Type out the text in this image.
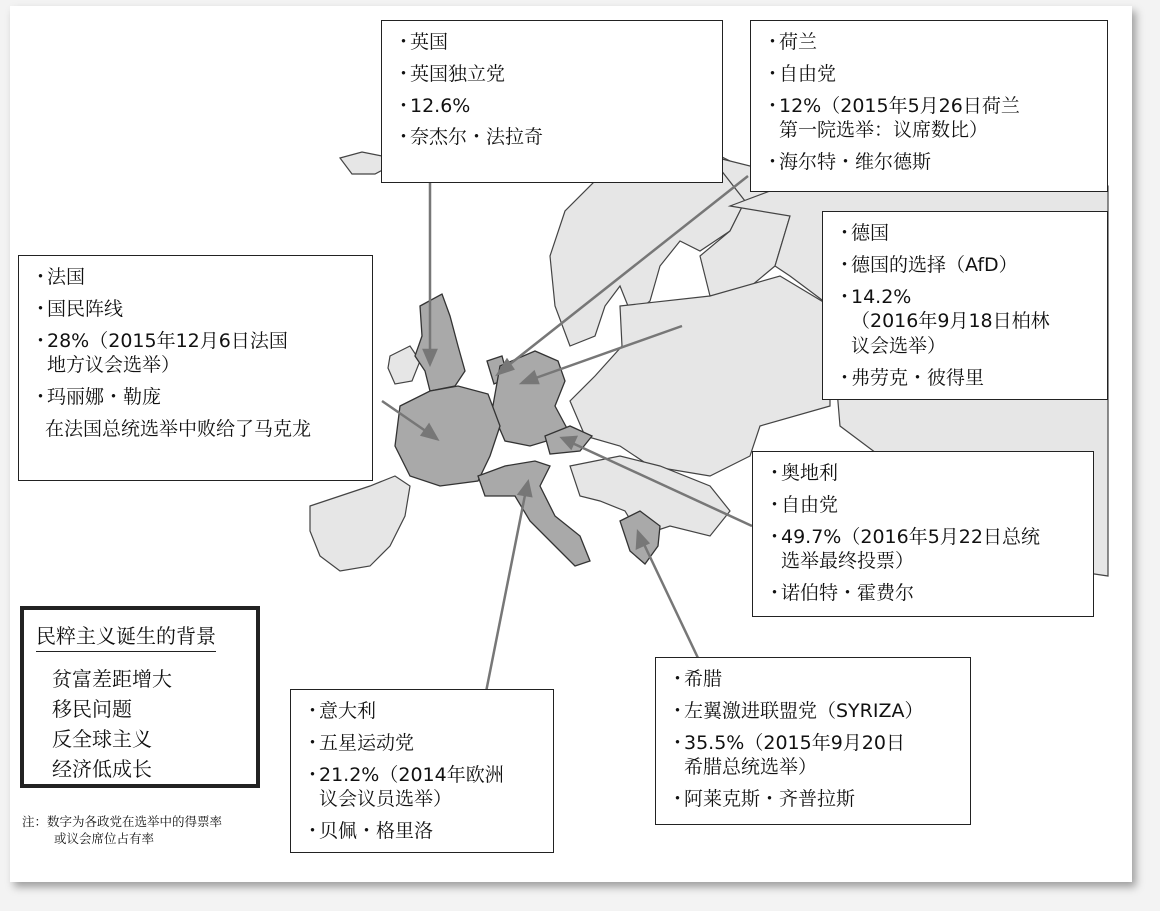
・英国
・英国独立党
・12.6%
・奈杰尔・法拉奇
・荷兰
・自由党
・12%（2015年5月26日荷兰
第一院选举：议席数比）
・海尔特・维尔德斯
・德国
・德国的选择（AfD）
・14.2%
（2016年9月18日柏林
议会选举）
・弗劳克・彼得里
・法国
・国民阵线
・28%（2015年12月6日法国
地方议会选举）
・玛丽娜・勒庞
在法国总统选举中败给了马克龙
・奥地利
・自由党
・49.7%（2016年5月22日总统
选举最终投票）
・诺伯特・霍费尔
・意大利
・五星运动党
・21.2%（2014年欧洲
议会议员选举）
・贝佩・格里洛
・希腊
・左翼激进联盟党（SYRIZA）
・35.5%（2015年9月20日
希腊总统选举）
・阿莱克斯・齐普拉斯
民粹主义诞生的背景
贫富差距增大
移民问题
反全球主义
经济低成长
注：数字为各政党在选举中的得票率
或议会席位占有率
